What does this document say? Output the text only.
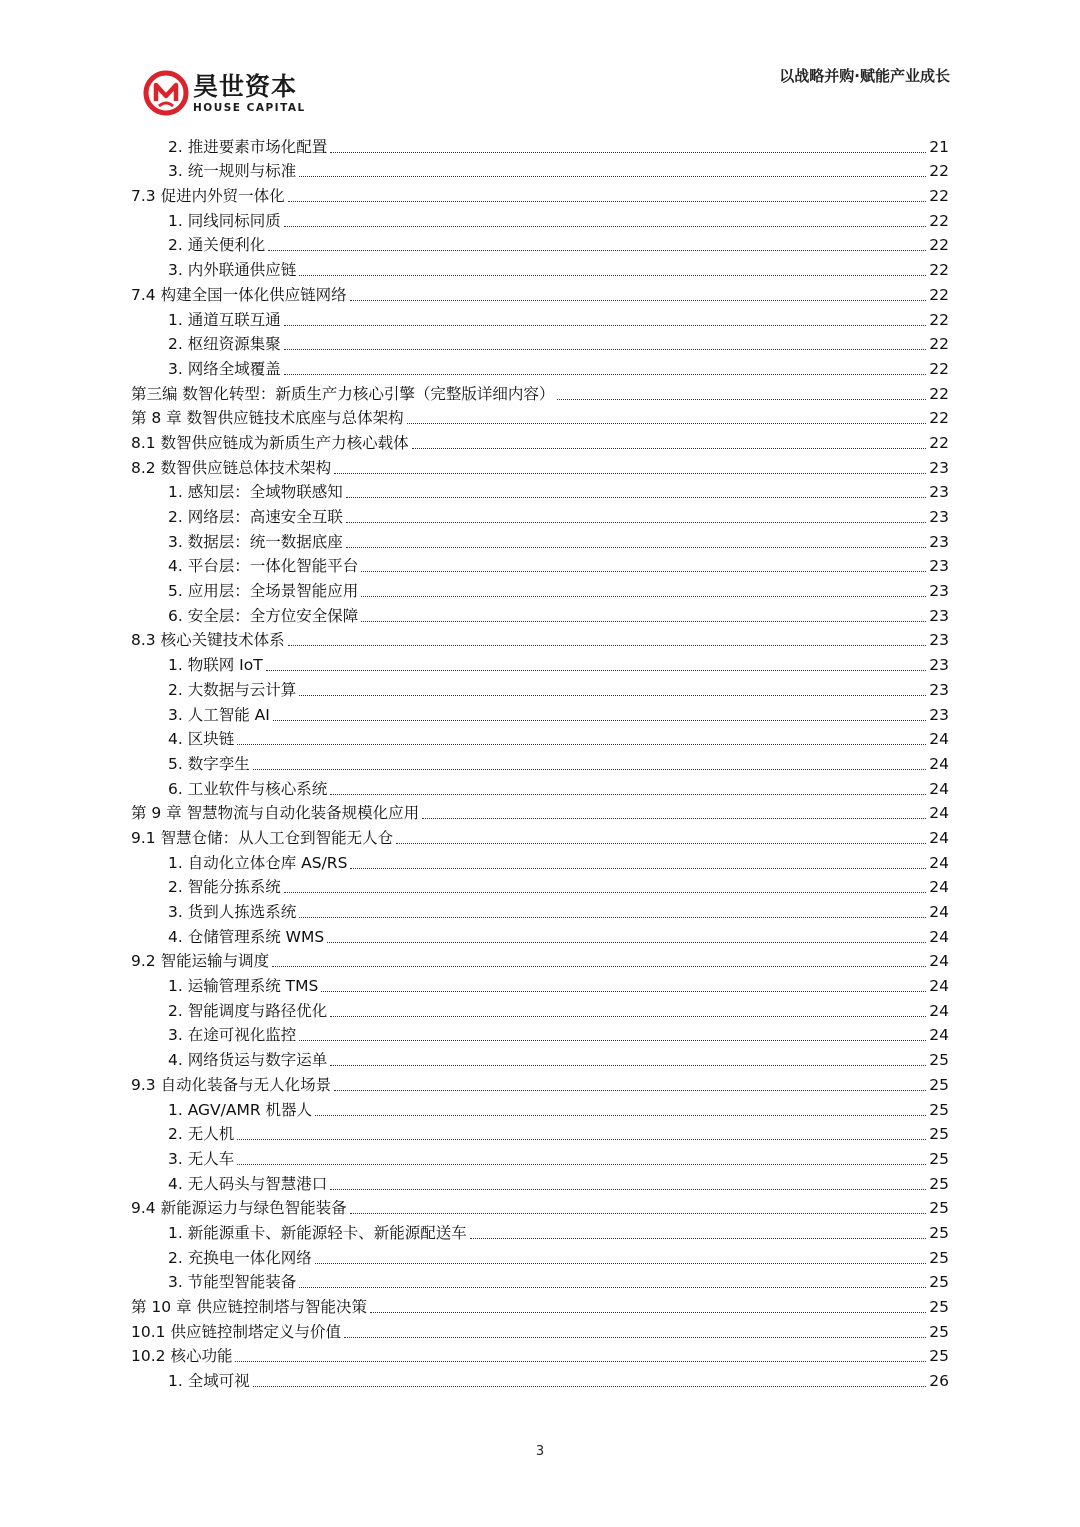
昊世资本
HOUSE CAPITAL
以战略并购·赋能产业成长
2. 推进要素市场化配置	21
3. 统一规则与标准	22
7.3 促进内外贸一体化	22
1. 同线同标同质	22
2. 通关便利化	22
3. 内外联通供应链	22
7.4 构建全国一体化供应链网络	22
1. 通道互联互通	22
2. 枢纽资源集聚	22
3. 网络全域覆盖	22
第三编 数智化转型：新质生产力核心引擎（完整版详细内容）	22
第 8 章 数智供应链技术底座与总体架构	22
8.1 数智供应链成为新质生产力核心载体	22
8.2 数智供应链总体技术架构	23
1. 感知层：全域物联感知	23
2. 网络层：高速安全互联	23
3. 数据层：统一数据底座	23
4. 平台层：一体化智能平台	23
5. 应用层：全场景智能应用	23
6. 安全层：全方位安全保障	23
8.3 核心关键技术体系	23
1. 物联网 IoT	23
2. 大数据与云计算	23
3. 人工智能 AI	23
4. 区块链	24
5. 数字孪生	24
6. 工业软件与核心系统	24
第 9 章 智慧物流与自动化装备规模化应用	24
9.1 智慧仓储：从人工仓到智能无人仓	24
1. 自动化立体仓库 AS/RS	24
2. 智能分拣系统	24
3. 货到人拣选系统	24
4. 仓储管理系统 WMS	24
9.2 智能运输与调度	24
1. 运输管理系统 TMS	24
2. 智能调度与路径优化	24
3. 在途可视化监控	24
4. 网络货运与数字运单	25
9.3 自动化装备与无人化场景	25
1. AGV/AMR 机器人	25
2. 无人机	25
3. 无人车	25
4. 无人码头与智慧港口	25
9.4 新能源运力与绿色智能装备	25
1. 新能源重卡、新能源轻卡、新能源配送车	25
2. 充换电一体化网络	25
3. 节能型智能装备	25
第 10 章 供应链控制塔与智能决策	25
10.1 供应链控制塔定义与价值	25
10.2 核心功能	25
1. 全域可视	26
3
